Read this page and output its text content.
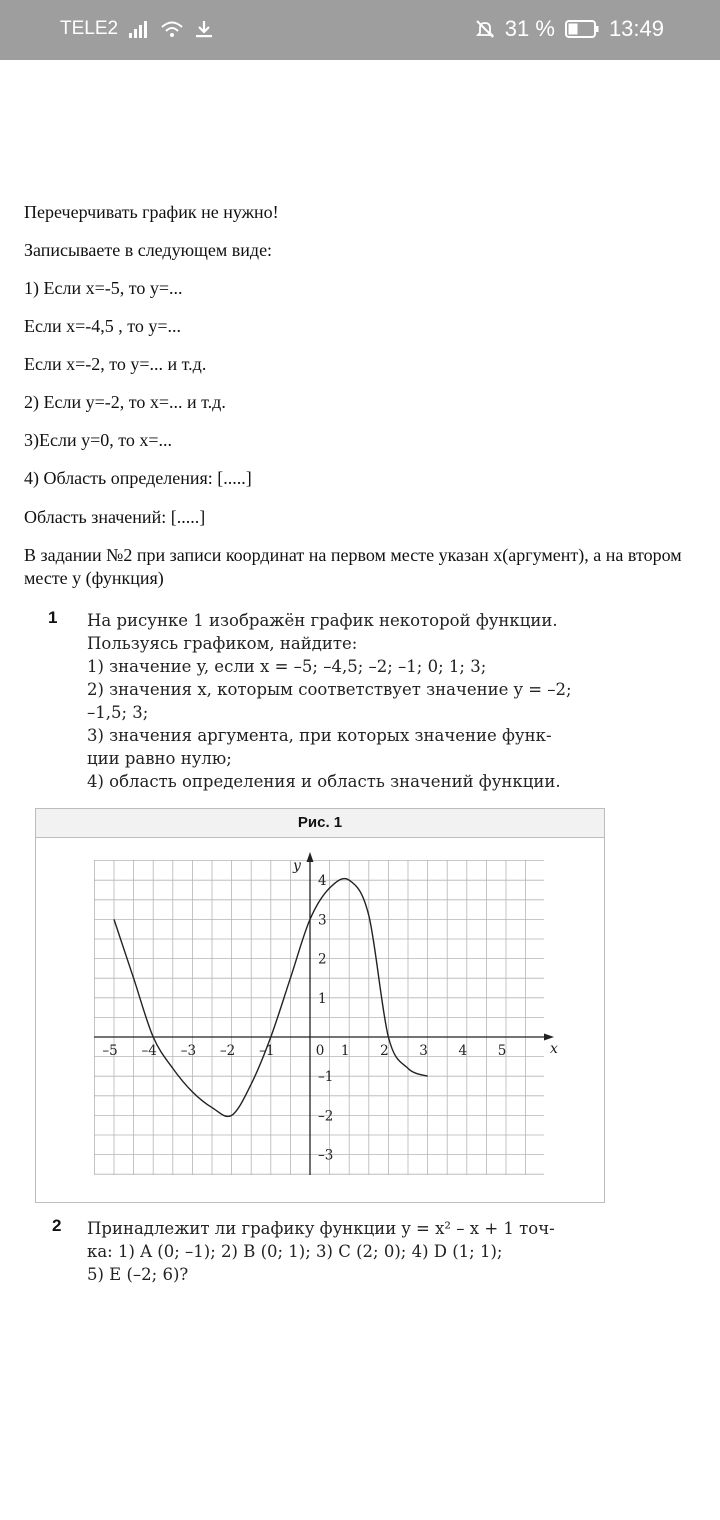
TELE2	31 % 13:49
Перечерчивать график не нужно!
Записываете в следующем виде:
1) Если х=-5, то у=...
Если х=-4,5 , то у=...
Если х=-2, то у=... и т.д.
2) Если у=-2, то х=... и т.д.
3)Если у=0, то х=...
4) Область определения: [.....]
Область значений: [.....]
В задании №2 при записи координат на первом месте указан х(аргумент), а на втором месте у (функция)
1 На рисунке 1 изображён график некоторой функции.
Пользуясь графиком, найдите:
1) значение y, если x = –5; –4,5; –2; –1; 0; 1; 3;
2) значения x, которым соответствует значение y = –2;
–1,5; 3;
3) значения аргумента, при которых значение функ-
ции равно нулю;
4) область определения и область значений функции.
Рис. 1
x
y
–5 –4 –3 –2 –1	0 1 2 3 4 5
4
3
2
1
–1
–2
–3
2 Принадлежит ли графику функции y = x² – x + 1 точ-
ка: 1) A (0; –1); 2) B (0; 1); 3) C (2; 0); 4) D (1; 1);
5) E (–2; 6)?
